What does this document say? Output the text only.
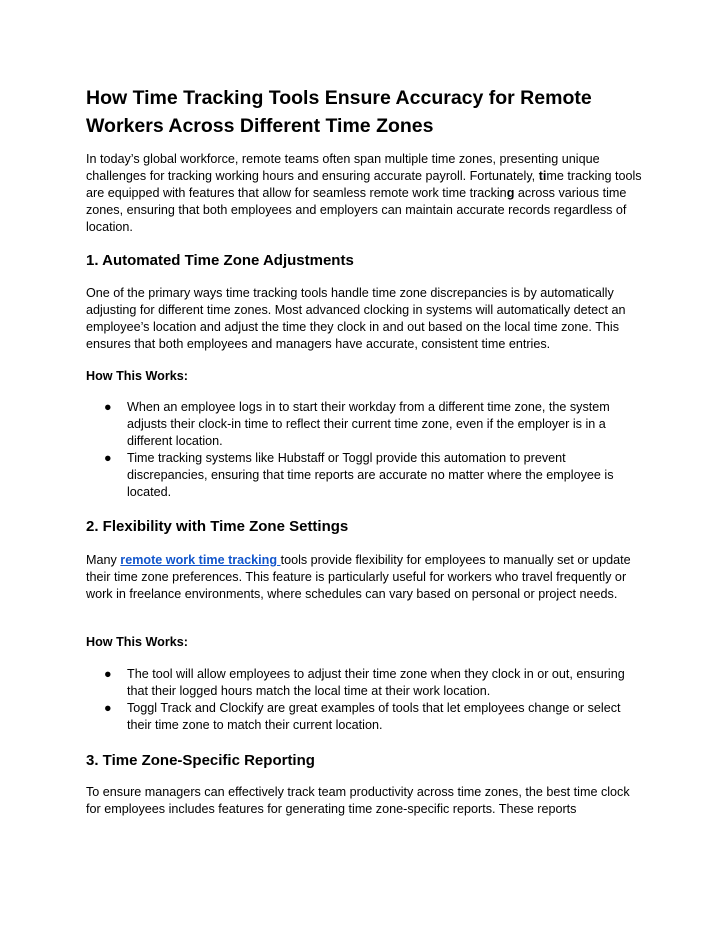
How Time Tracking Tools Ensure Accuracy for Remote Workers Across Different Time Zones

In today’s global workforce, remote teams often span multiple time zones, presenting unique challenges for tracking working hours and ensuring accurate payroll. Fortunately, time tracking tools are equipped with features that allow for seamless remote work time tracking across various time zones, ensuring that both employees and employers can maintain accurate records regardless of location.

1. Automated Time Zone Adjustments

One of the primary ways time tracking tools handle time zone discrepancies is by automatically adjusting for different time zones. Most advanced clocking in systems will automatically detect an employee’s location and adjust the time they clock in and out based on the local time zone. This ensures that both employees and managers have accurate, consistent time entries.

How This Works:

●	When an employee logs in to start their workday from a different time zone, the system adjusts their clock-in time to reflect their current time zone, even if the employer is in a different location.
●	Time tracking systems like Hubstaff or Toggl provide this automation to prevent discrepancies, ensuring that time reports are accurate no matter where the employee is located.
2. Flexibility with Time Zone Settings

Many remote work time tracking tools provide flexibility for employees to manually set or update their time zone preferences. This feature is particularly useful for workers who travel frequently or work in freelance environments, where schedules can vary based on personal or project needs.

How This Works:

●	The tool will allow employees to adjust their time zone when they clock in or out, ensuring that their logged hours match the local time at their work location.
●	Toggl Track and Clockify are great examples of tools that let employees change or select their time zone to match their current location.
3. Time Zone-Specific Reporting

To ensure managers can effectively track team productivity across time zones, the best time clock for employees includes features for generating time zone-specific reports. These reports
